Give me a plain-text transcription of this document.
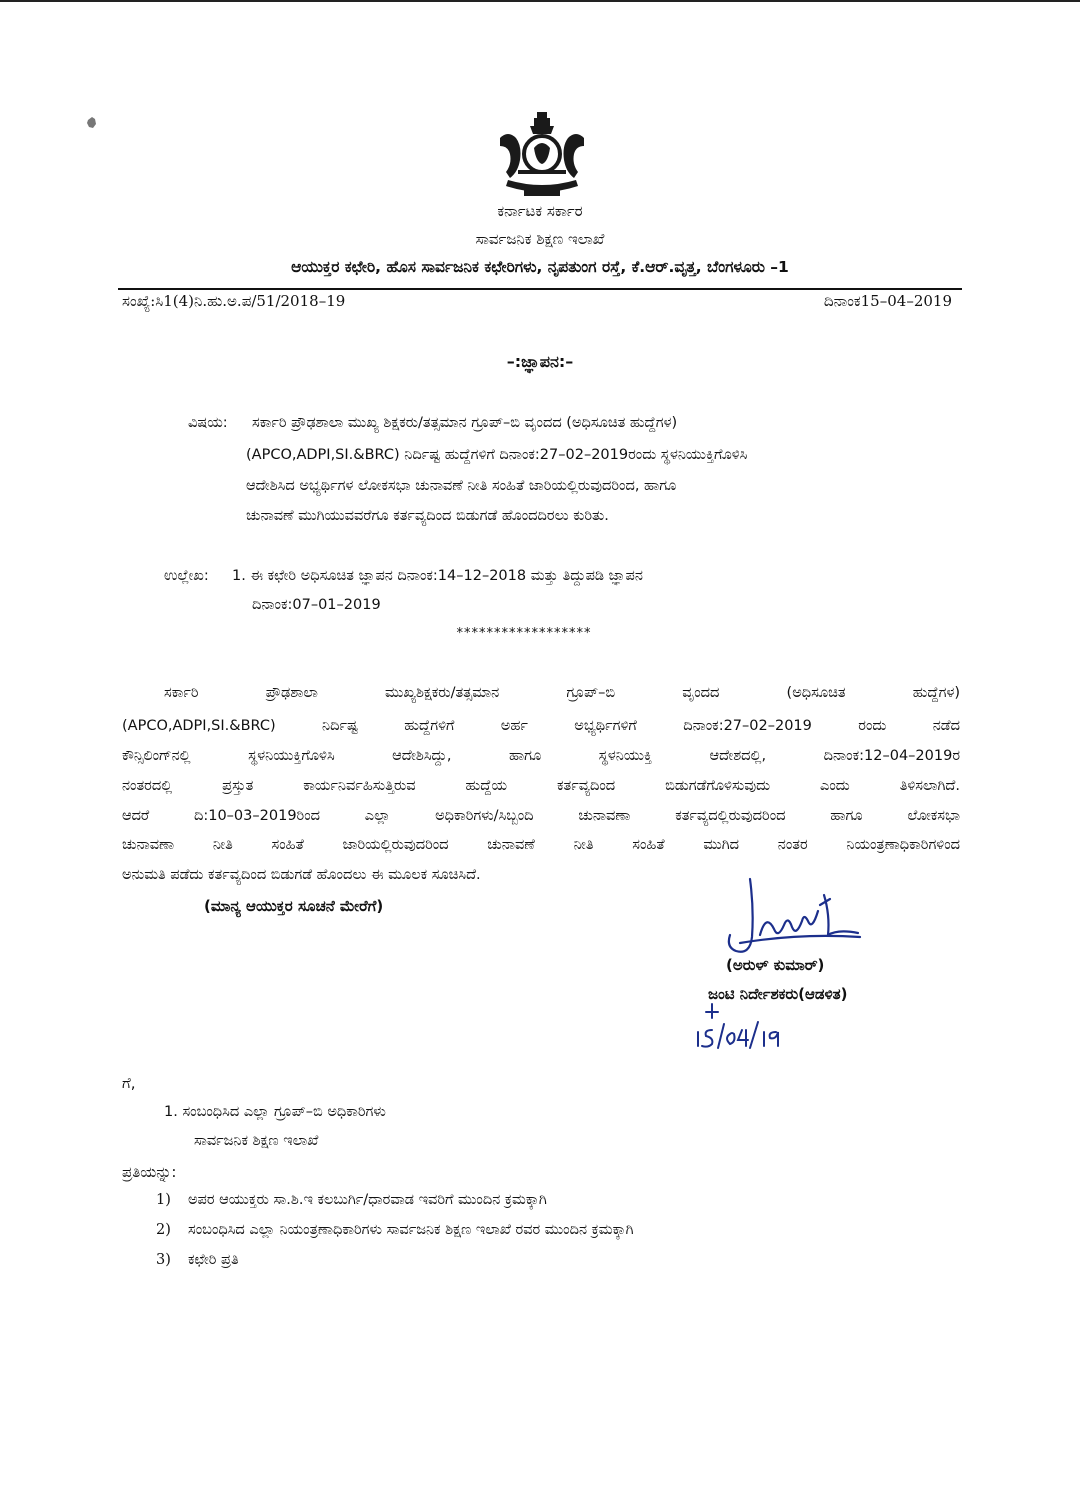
ಕರ್ನಾಟಕ ಸರ್ಕಾರ
ಸಾರ್ವಜನಿಕ ಶಿಕ್ಷಣ ಇಲಾಖೆ
ಆಯುಕ್ತರ ಕಛೇರಿ, ಹೊಸ ಸಾರ್ವಜನಿಕ ಕಛೇರಿಗಳು, ನೃಪತುಂಗ ರಸ್ತೆ, ಕೆ.ಆರ್.ವೃತ್ತ, ಬೆಂಗಳೂರು –1
ಸಂಖ್ಯೆ:ಸಿ1(4)ನಿ.ಹು.ಅ.ಪ/51/2018–19	ದಿನಾಂಕ15–04–2019
–:ಜ್ಞಾಪನ:–
ವಿಷಯ: ಸರ್ಕಾರಿ ಪ್ರೌಢಶಾಲಾ ಮುಖ್ಯ ಶಿಕ್ಷಕರು/ತತ್ಸಮಾನ ಗ್ರೂಪ್–ಬಿ ವೃಂದದ (ಅಧಿಸೂಚಿತ ಹುದ್ದೆಗಳ)
(APCO,ADPI,SI.&BRC) ನಿರ್ದಿಷ್ಟ ಹುದ್ದೆಗಳಿಗೆ ದಿನಾಂಕ:27–02–2019ರಂದು ಸ್ಥಳನಿಯುಕ್ತಿಗೊಳಿಸಿ
ಆದೇಶಿಸಿದ ಅಭ್ಯರ್ಥಿಗಳ ಲೋಕಸಭಾ ಚುನಾವಣೆ ನೀತಿ ಸಂಹಿತೆ ಜಾರಿಯಲ್ಲಿರುವುದರಿಂದ, ಹಾಗೂ
ಚುನಾವಣೆ ಮುಗಿಯುವವರೆಗೂ ಕರ್ತವ್ಯದಿಂದ ಬಿಡುಗಡೆ ಹೊಂದದಿರಲು ಕುರಿತು.
ಉಲ್ಲೇಖ: 1. ಈ ಕಛೇರಿ ಅಧಿಸೂಚಿತ ಜ್ಞಾಪನ ದಿನಾಂಕ:14–12–2018 ಮತ್ತು ತಿದ್ದುಪಡಿ ಜ್ಞಾಪನ
ದಿನಾಂಕ:07–01–2019
******************
ಸರ್ಕಾರಿ ಪ್ರೌಢಶಾಲಾ ಮುಖ್ಯಶಿಕ್ಷಕರು/ತತ್ಸಮಾನ ಗ್ರೂಪ್–ಬಿ ವೃಂದದ (ಅಧಿಸೂಚಿತ ಹುದ್ದೆಗಳ)
(APCO,ADPI,SI.&BRC) ನಿರ್ದಿಷ್ಟ ಹುದ್ದೆಗಳಿಗೆ ಅರ್ಹ ಅಭ್ಯರ್ಥಿಗಳಿಗೆ ದಿನಾಂಕ:27–02–2019 ರಂದು ನಡೆದ
ಕೌನ್ಸಿಲಿಂಗ್‌ನಲ್ಲಿ ಸ್ಥಳನಿಯುಕ್ತಿಗೊಳಿಸಿ ಆದೇಶಿಸಿದ್ದು, ಹಾಗೂ ಸ್ಥಳನಿಯುಕ್ತಿ ಆದೇಶದಲ್ಲಿ, ದಿನಾಂಕ:12–04–2019ರ
ನಂತರದಲ್ಲಿ ಪ್ರಸ್ತುತ ಕಾರ್ಯನಿರ್ವಹಿಸುತ್ತಿರುವ ಹುದ್ದೆಯ ಕರ್ತವ್ಯದಿಂದ ಬಿಡುಗಡೆಗೊಳಿಸುವುದು ಎಂದು ತಿಳಿಸಲಾಗಿದೆ.
ಆದರೆ ದಿ:10–03–2019ರಿಂದ ಎಲ್ಲಾ ಅಧಿಕಾರಿಗಳು/ಸಿಬ್ಬಂದಿ ಚುನಾವಣಾ ಕರ್ತವ್ಯದಲ್ಲಿರುವುದರಿಂದ ಹಾಗೂ ಲೋಕಸಭಾ
ಚುನಾವಣಾ ನೀತಿ ಸಂಹಿತೆ ಜಾರಿಯಲ್ಲಿರುವುದರಿಂದ ಚುನಾವಣೆ ನೀತಿ ಸಂಹಿತೆ ಮುಗಿದ ನಂತರ ನಿಯಂತ್ರಣಾಧಿಕಾರಿಗಳಿಂದ
ಅನುಮತಿ ಪಡೆದು ಕರ್ತವ್ಯದಿಂದ ಬಿಡುಗಡೆ ಹೊಂದಲು ಈ ಮೂಲಕ ಸೂಚಿಸಿದೆ.
(ಮಾನ್ಯ ಆಯುಕ್ತರ ಸೂಚನೆ ಮೇರೆಗೆ)
(ಅರುಳ್ ಕುಮಾರ್)
ಜಂಟಿ ನಿರ್ದೇಶಕರು(ಆಡಳಿತ)
ಗೆ,
1. ಸಂಬಂಧಿಸಿದ ಎಲ್ಲಾ ಗ್ರೂಪ್–ಬಿ ಅಧಿಕಾರಿಗಳು
ಸಾರ್ವಜನಿಕ ಶಿಕ್ಷಣ ಇಲಾಖೆ
ಪ್ರತಿಯನ್ನು:
1) ಅಪರ ಆಯುಕ್ತರು ಸಾ.ಶಿ.ಇ ಕಲಬುರ್ಗಿ/ಧಾರವಾಡ ಇವರಿಗೆ ಮುಂದಿನ ಕ್ರಮಕ್ಕಾಗಿ
2) ಸಂಬಂಧಿಸಿದ ಎಲ್ಲಾ ನಿಯಂತ್ರಣಾಧಿಕಾರಿಗಳು ಸಾರ್ವಜನಿಕ ಶಿಕ್ಷಣ ಇಲಾಖೆ ರವರ ಮುಂದಿನ ಕ್ರಮಕ್ಕಾಗಿ
3) ಕಛೇರಿ ಪ್ರತಿ
